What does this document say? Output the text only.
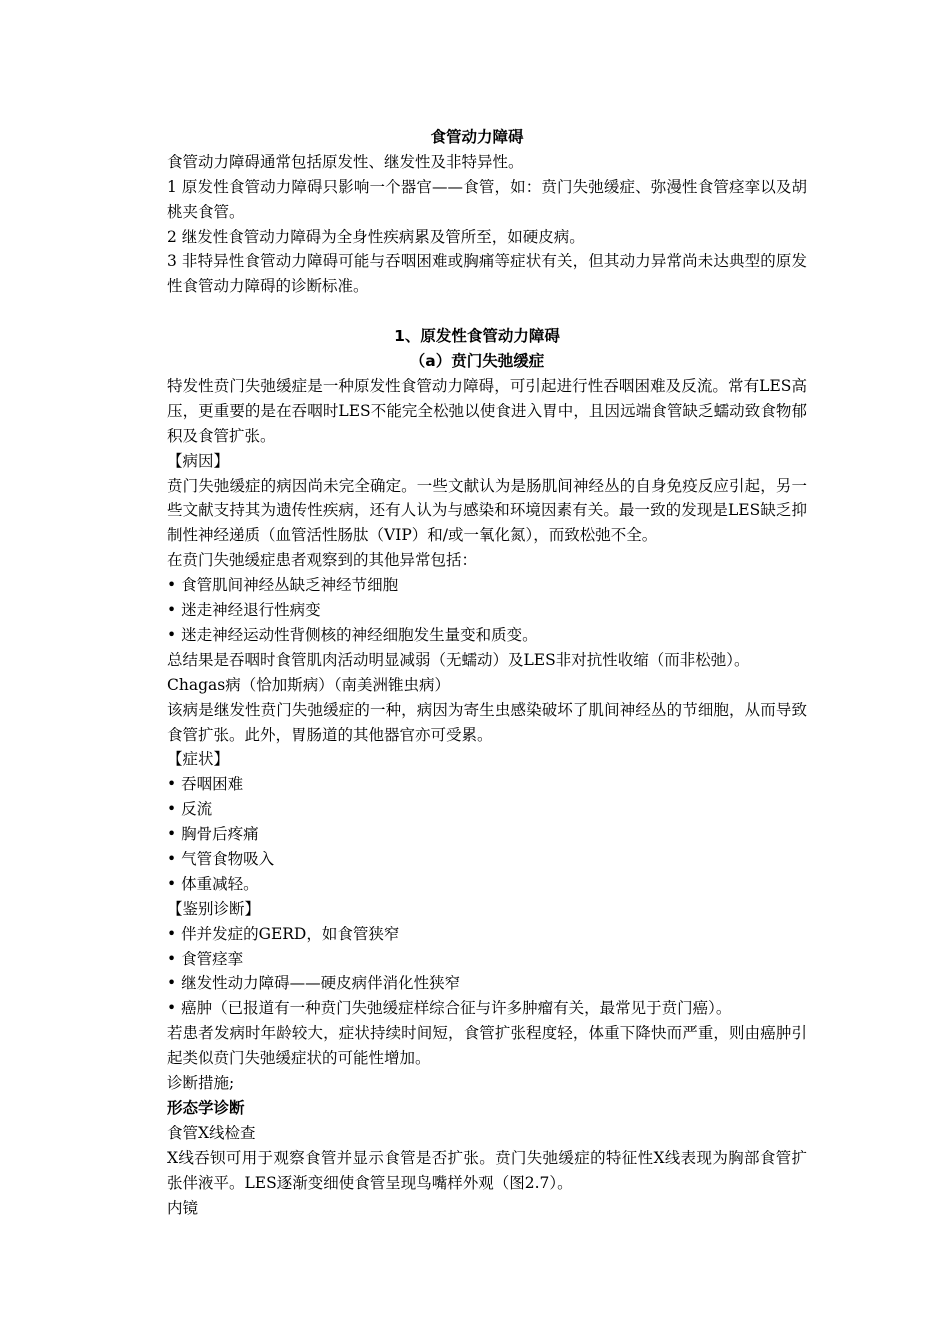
食管动力障碍
食管动力障碍通常包括原发性、继发性及非特异性。
1 原发性食管动力障碍只影响一个器官——食管，如：贲门失弛缓症、弥漫性食管痉挛以及胡桃夹食管。
2 继发性食管动力障碍为全身性疾病累及管所至，如硬皮病。
3 非特异性食管动力障碍可能与吞咽困难或胸痛等症状有关，但其动力异常尚未达典型的原发性食管动力障碍的诊断标准。
1、原发性食管动力障碍
（a）贲门失弛缓症
特发性贲门失弛缓症是一种原发性食管动力障碍，可引起进行性吞咽困难及反流。常有LES高压，更重要的是在吞咽时LES不能完全松弛以使食进入胃中，且因远端食管缺乏蠕动致食物郁积及食管扩张。
【病因】
贲门失弛缓症的病因尚未完全确定。一些文献认为是肠肌间神经丛的自身免疫反应引起，另一些文献支持其为遗传性疾病，还有人认为与感染和环境因素有关。最一致的发现是LES缺乏抑制性神经递质（血管活性肠肽（VIP）和/或一氧化氮），而致松弛不全。
在贲门失弛缓症患者观察到的其他异常包括：
• 食管肌间神经丛缺乏神经节细胞
• 迷走神经退行性病变
• 迷走神经运动性背侧核的神经细胞发生量变和质变。
总结果是吞咽时食管肌肉活动明显减弱（无蠕动）及LES非对抗性收缩（而非松弛）。
Chagas病（恰加斯病）（南美洲锥虫病）
该病是继发性贲门失弛缓症的一种，病因为寄生虫感染破坏了肌间神经丛的节细胞，从而导致食管扩张。此外，胃肠道的其他器官亦可受累。
【症状】
• 吞咽困难
• 反流
• 胸骨后疼痛
• 气管食物吸入
• 体重减轻。
【鉴别诊断】
• 伴并发症的GERD，如食管狭窄
• 食管痉挛
• 继发性动力障碍——硬皮病伴消化性狭窄
• 癌肿（已报道有一种贲门失弛缓症样综合征与许多肿瘤有关，最常见于贲门癌）。
若患者发病时年龄较大，症状持续时间短，食管扩张程度轻，体重下降快而严重，则由癌肿引起类似贲门失弛缓症状的可能性增加。
诊断措施;
形态学诊断
食管X线检查
X线吞钡可用于观察食管并显示食管是否扩张。贲门失弛缓症的特征性X线表现为胸部食管扩张伴液平。LES逐渐变细使食管呈现鸟嘴样外观（图2.7）。
内镜
